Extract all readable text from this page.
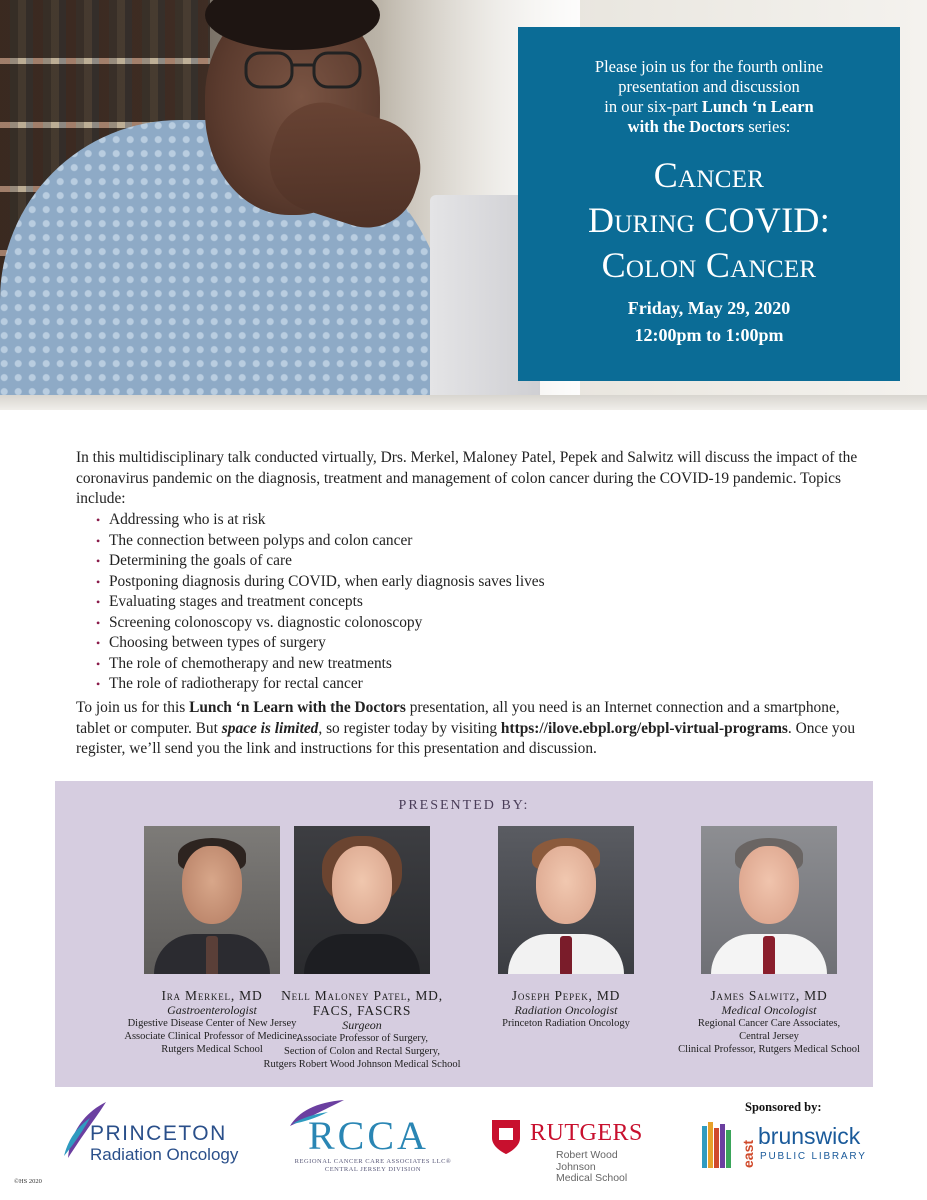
Please join us for the fourth online
presentation and discussion
in our six-part Lunch ‘n Learn
with the Doctors series:
Cancer
During COVID:
Colon Cancer
Friday, May 29, 2020
12:00pm to 1:00pm

In this multidisciplinary talk conducted virtually, Drs. Merkel, Maloney Patel, Pepek and Salwitz will discuss the impact of the coronavirus pandemic on the diagnosis, treatment and management of colon cancer during the COVID-19 pandemic. Topics include:

• Addressing who is at risk
• The connection between polyps and colon cancer
• Determining the goals of care
• Postponing diagnosis during COVID, when early diagnosis saves lives
• Evaluating stages and treatment concepts
• Screening colonoscopy vs. diagnostic colonoscopy
• Choosing between types of surgery
• The role of chemotherapy and new treatments
• The role of radiotherapy for rectal cancer

To join us for this Lunch ‘n Learn with the Doctors presentation, all you need is an Internet connection and a smartphone, tablet or computer. But space is limited, so register today by visiting https://ilove.ebpl.org/ebpl-virtual-programs. Once you register, we’ll send you the link and instructions for this presentation and discussion.

PRESENTED BY:
Ira Merkel, MD
Gastroenterologist
Digestive Disease Center of New Jersey
Associate Clinical Professor of Medicine,
Rutgers Medical School
Nell Maloney Patel, MD,
FACS, FASCRS
Surgeon
Associate Professor of Surgery,
Section of Colon and Rectal Surgery,
Rutgers Robert Wood Johnson Medical School
Joseph Pepek, MD
Radiation Oncologist
Princeton Radiation Oncology
James Salwitz, MD
Medical Oncologist
Regional Cancer Care Associates,
Central Jersey
Clinical Professor, Rutgers Medical School
PRINCETON
Radiation Oncology RCCA
REGIONAL CANCER CARE ASSOCIATES LLC®
CENTRAL JERSEY DIVISION
RUTGERS
Robert Wood Johnson
Medical School
Sponsored by:
east
brunswick
PUBLIC LIBRARY
©HS 2020
